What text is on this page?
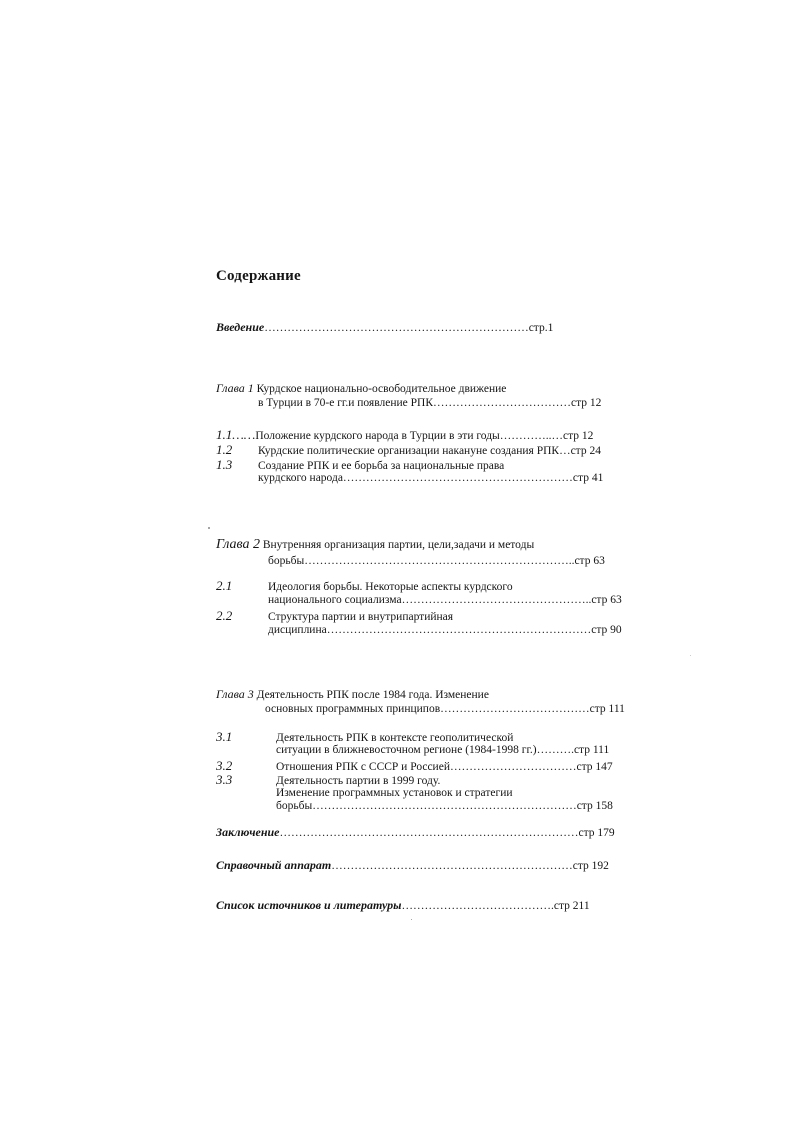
Содержание
Введение……………………………………………………………стр.1
Глава 1 Курдское национально-освободительное движение
в Турции в 70-е гг.и появление РПК………………………………стр 12
1.1……Положение курдского народа в Турции в эти годы…………..…стр 12
1.2 Курдские политические организации накануне создания РПК…стр 24
1.3 Создание РПК и ее борьба за национальные права
курдского народа……………………………………………………стр 41
Глава 2 Внутренняя организация партии, цели,задачи и методы
борьбы……………………………………………………………..стр 63
2.1	Идеология борьбы. Некоторые аспекты курдского
национального социализма…………………………………………..стр 63
2.2	Структура партии и внутрипартийная
дисциплина……………………………………………………………стр 90
Глава 3 Деятельность РПК после 1984 года. Изменение
основных программных принципов…………………………………стр 111
3.1	Деятельность РПК в контексте геополитической
ситуации в ближневосточном регионе (1984-1998 гг.)……….стр 111
3.2	Отношения РПК с СССР и Россией……………………………стр 147
3.3	Деятельность партии в 1999 году.
Изменение программных установок и стратегии
борьбы……………………………………………………………стр 158
Заключение……………………………………………………………………стр 179
Справочный аппарат………………………………………………………стр 192
Список источников и литературы………………………………….стр 211
